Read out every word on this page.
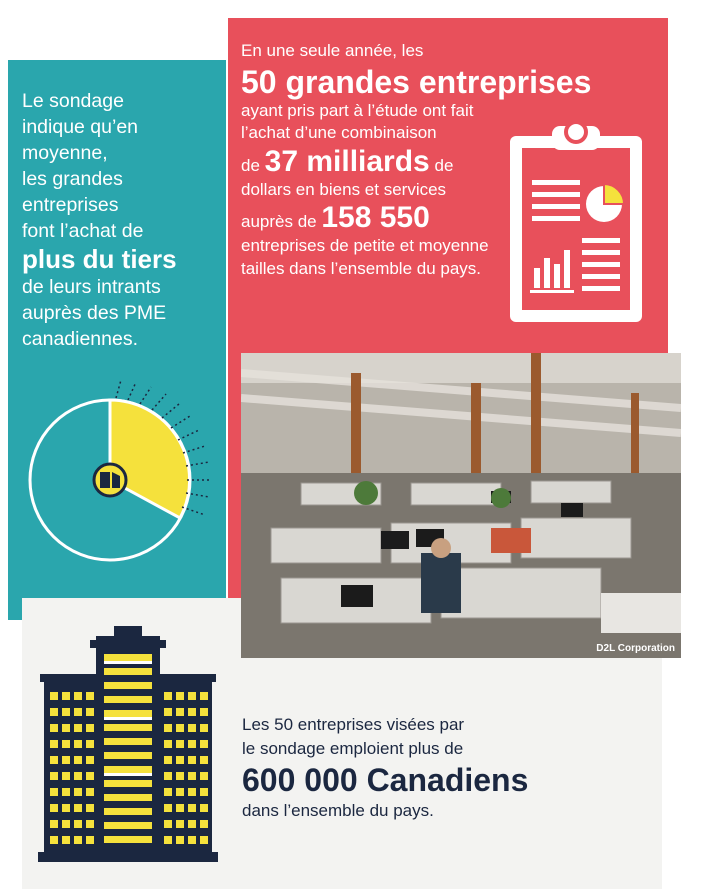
Le sondage
indique qu’en
moyenne,
les grandes
entreprises
font l’achat de
plus du tiers
de leurs intrants
auprès des PME
canadiennes.
En une seule année, les
50 grandes entreprises
ayant pris part à l’étude ont fait l’achat d’une combinaison
de 37 milliards de
dollars en biens et services
auprès de 158 550
entreprises de petite et moyenne tailles dans l’ensemble du pays.
D2L Corporation
Les 50 entreprises visées par
le sondage emploient plus de
600 000 Canadiens
dans l’ensemble du pays.
